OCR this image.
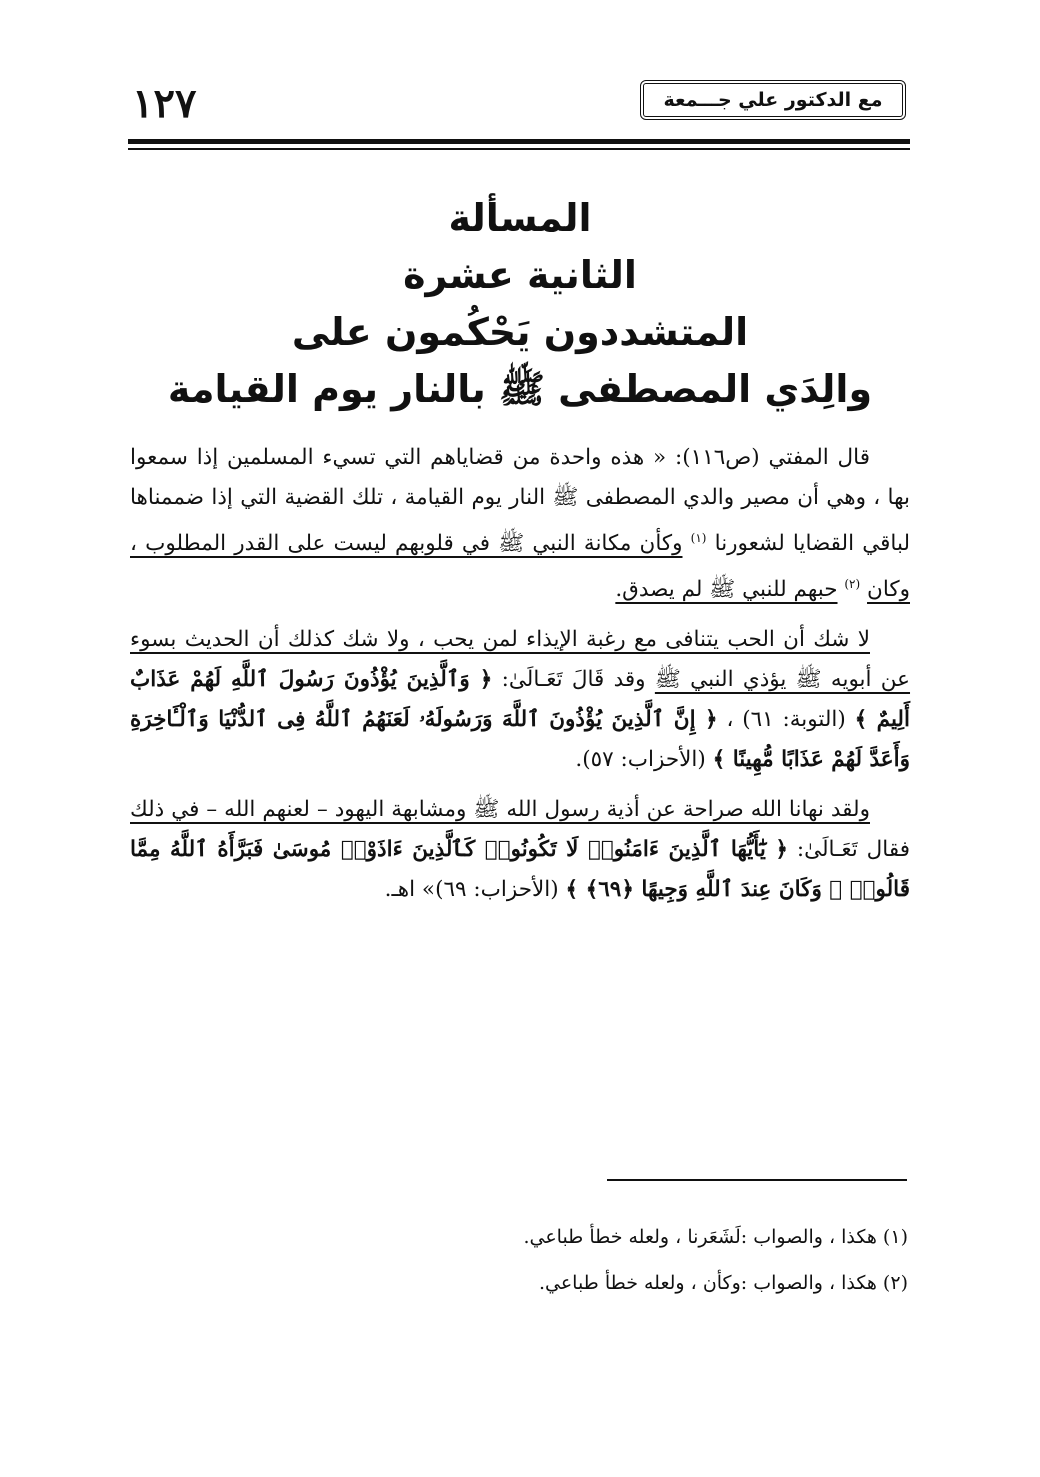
١٢٧	مع الدكتور علي جـــمعة
المسألة
الثانية عشرة
المتشددون يَحْكُمون على
والِدَي المصطفى ﷺ بالنار يوم القيامة

قال المفتي (ص١١٦): « هذه واحدة من قضاياهم التي تسيء المسلمين إذا سمعوا بها ، وهي أن مصير والدي المصطفى ﷺ النار يوم القيامة ، تلك القضية التي إذا ضممناها لباقي القضايا لشعورنا $^{(١)}$ وكأن مكانة النبي ﷺ في قلوبهم ليست على القدر المطلوب ، وكان $^{(٢)}$ حبهم للنبي ﷺ لم يصدق.

لا شك أن الحب يتنافى مع رغبة الإيذاء لمن يحب ، ولا شك كذلك أن الحديث بسوء عن أبويه ﷺ يؤذي النبي ﷺ وقد قَالَ تَعَـالَىٰ: ﴿ وَٱلَّذِينَ يُؤْذُونَ رَسُولَ ٱللَّهِ لَهُمْ عَذَابٌ أَلِيمٌ ﴾ (التوبة: ٦١) ، ﴿ إِنَّ ٱلَّذِينَ يُؤْذُونَ ٱللَّهَ وَرَسُولَهُۥ لَعَنَهُمُ ٱللَّهُ فِى ٱلدُّنْيَا وَٱلْـَٔاخِرَةِ وَأَعَدَّ لَهُمْ عَذَابًا مُّهِينًا ﴾ (الأحزاب: ٥٧).

ولقد نهانا الله صراحة عن أذية رسول الله ﷺ ومشابهة اليهود – لعنهم الله – في ذلك فقال تَعَـالَىٰ: ﴿ يَٰٓأَيُّهَا ٱلَّذِينَ ءَامَنُوا۟ لَا تَكُونُوا۟ كَٱلَّذِينَ ءَاذَوْا۟ مُوسَىٰ فَبَرَّأَهُ ٱللَّهُ مِمَّا قَالُوا۟ ۚ وَكَانَ عِندَ ٱللَّهِ وَجِيهًا ﴿٦٩﴾ ﴾ (الأحزاب: ٦٩)» اهـ.

(١) هكذا ، والصواب :لَشَعَرنا ، ولعله خطأ طباعي.
(٢) هكذا ، والصواب :وكأن ، ولعله خطأ طباعي.
